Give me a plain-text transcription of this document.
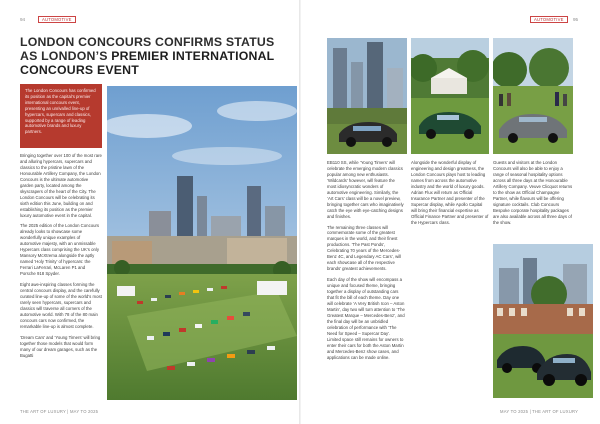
94	AUTOMOTIVE
LONDON CONCOURS CONFIRMS STATUS AS LONDON’S PREMIER INTERNATIONAL CONCOURS EVENT
The London Concours has confirmed its position as the capital’s premier international concours event, presenting an unrivalled line-up of hypercars, supercars and classics, supported by a range of leading automotive brands and luxury partners.

Bringing together over 100 of the most rare and alluring hypercars, supercars and classics to the pristine lawn of the Honourable Artillery Company, the London Concours is the ultimate automotive garden party, located among the skyscrapers of the heart of the City. The London Concours will be celebrating its sixth edition this June, building on and establishing its position as the premier luxury automotive event in the capital.

The 2025 edition of the London Concours already looks to showcase some wonderfully unique examples of automotive majesty, with an unmissable Hypercars class comprising the UK’s only Mansory McXtrema alongside the aptly named ‘Holy Trinity’ of hypercars: the Ferrari LaFerrari, McLaren P1 and Porsche 918 Spyder.

Eight awe-inspiring classes forming the central concours display, and the carefully curated line-up of some of the world’s most rarely seen hypercars, supercars and classics will traverse all corners of the automotive world. With 78 of the 80 main concours cars now confirmed, the remarkable line-up is almost complete.

‘Dream Cars’ and ‘Young Timers’ will bring together those models that would form many of our dream garages, such as the Bugatti

THE ART OF LUXURY | MAY TO 2025
AUTOMOTIVE	95

EB110 SS, while ‘Young Timers’ will celebrate the emerging modern classics popular among new enthusiasts. ‘Wildcards’ however, will feature the most idiosyncratic wonders of automotive engineering. Similarly, the ‘Art Cars’ class will be a novel preview, bringing together cars who imaginatively catch the eye with eye-catching designs and finishes.

The remaining three classes will commemorate some of the greatest marques in the world, and their finest productions. ‘The Past Ponds’, Celebrating 70 years of the Mercedes-Benz 4C, and Legendary AC Cars’, will each showcase all of the respective brands’ greatest achievements.

Each day of the show will encompass a unique and focused theme, bringing together a display of outstanding cars that fit the bill of each theme. Day one will celebrate ‘A Very British Icon – Aston Martin’, day two will turn attention to ‘The Greatest Marque – Mercedes-Benz’, and the final day will be an unbridled celebration of performance with ‘The Need for Speed – Supercar Day’. Limited space still remains for owners to enter their cars for both the Aston Martin and Mercedes-Benz show cases, and applications can be made online.

Alongside the wonderful display of engineering and design greatness, the London Concours plays host to leading names from across the automotive industry and the world of luxury goods. Adrian Flux will return as Official Insurance Partner and presenter of the Supercar display, while Apollo Capital will bring their financial expertise as Official Finance Partner and presenter of the Hypercars class.

Guests and visitors at the London Concours will also be able to enjoy a range of seasonal hospitality options across all three days at the Honourable Artillery Company. Veuve Clicquot returns to the show as Official Champagne Partner, while flavours will be offering signature cocktails. Club Concours Bespoke corporate hospitality packages are also available across all three days of the show.

MAY TO 2025 | THE ART OF LUXURY
